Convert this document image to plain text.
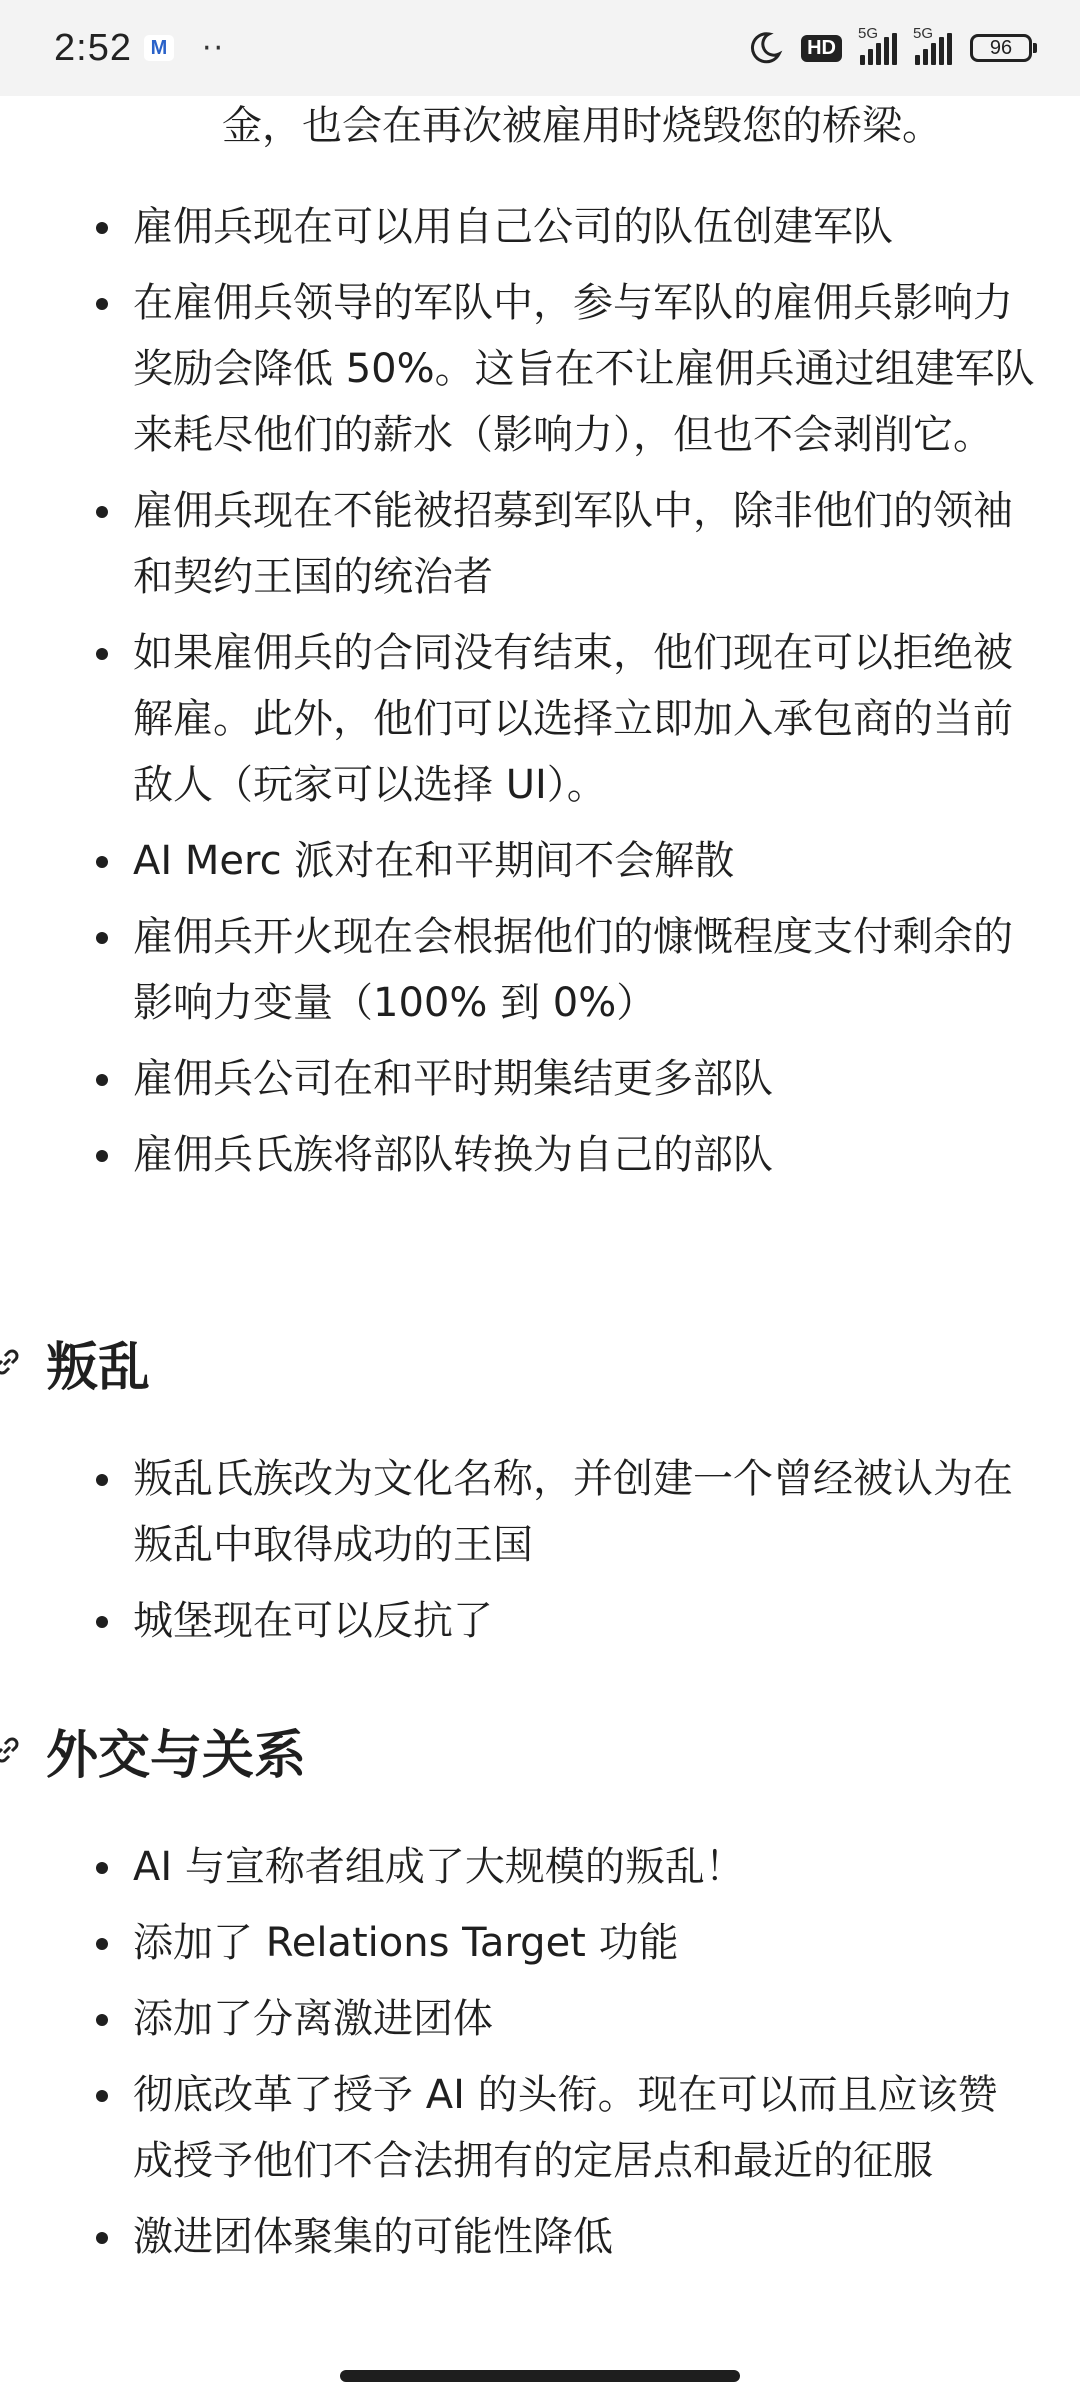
2:52 M ··	HD
5G 5G
96
金，也会在再次被雇用时烧毁您的桥梁。
雇佣兵现在可以用自己公司的队伍创建军队
在雇佣兵领导的军队中，参与军队的雇佣兵影响力奖励会降低 50%。这旨在不让雇佣兵通过组建军队来耗尽他们的薪水（影响力），但也不会剥削它。
雇佣兵现在不能被招募到军队中，除非他们的领袖和契约王国的统治者
如果雇佣兵的合同没有结束，他们现在可以拒绝被解雇。此外，他们可以选择立即加入承包商的当前敌人（玩家可以选择 UI）。
AI Merc 派对在和平期间不会解散
雇佣兵开火现在会根据他们的慷慨程度支付剩余的影响力变量（100% 到 0%）
雇佣兵公司在和平时期集结更多部队
雇佣兵氏族将部队转换为自己的部队
叛乱
叛乱氏族改为文化名称，并创建一个曾经被认为在叛乱中取得成功的王国
城堡现在可以反抗了
外交与关系
AI 与宣称者组成了大规模的叛乱！
添加了 Relations Target 功能
添加了分离激进团体
彻底改革了授予 AI 的头衔。现在可以而且应该赞成授予他们不合法拥有的定居点和最近的征服
激进团体聚集的可能性降低
